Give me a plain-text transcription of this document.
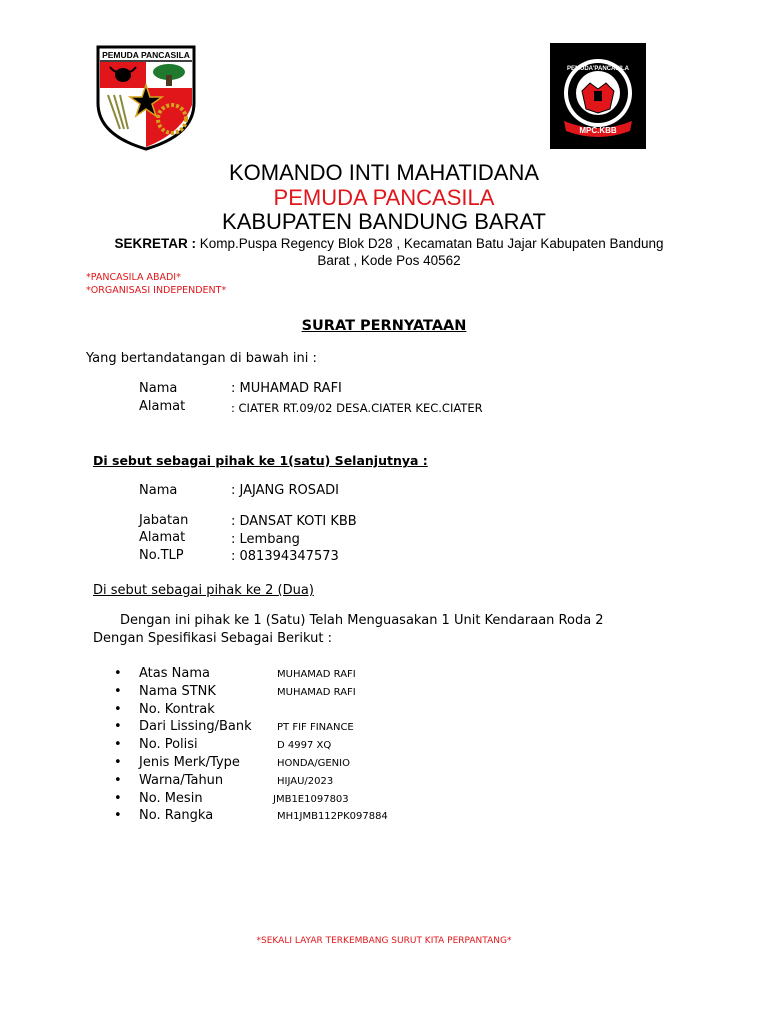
PEMUDA PANCASILA
PEMUDA'PANCASILA
MPC.KBB
KOMANDO INTI MAHATIDANA
PEMUDA PANCASILA
KABUPATEN BANDUNG BARAT
SEKRETAR : Komp.Puspa Regency Blok D28 , Kecamatan Batu Jajar Kabupaten Bandung
Barat , Kode Pos 40562
*PANCASILA ABADI*
*ORGANISASI INDEPENDENT*
SURAT PERNYATAAN
Yang bertandatangan di bawah ini :
Nama	: MUHAMAD RAFI
Alamat	: CIATER RT.09/02 DESA.CIATER KEC.CIATER
Di sebut sebagai pihak ke 1(satu) Selanjutnya :
Nama	: JAJANG ROSADI
Jabatan	: DANSAT KOTI KBB
Alamat	: Lembang
No.TLP	: 081394347573
Di sebut sebagai pihak ke 2 (Dua)
Dengan ini pihak ke 1 (Satu) Telah Menguasakan 1 Unit Kendaraan Roda 2
Dengan Spesifikasi Sebagai Berikut :
• Atas Nama	MUHAMAD RAFI
• Nama STNK	MUHAMAD RAFI
• No. Kontrak
• Dari Lissing/Bank	PT FIF FINANCE
• No. Polisi	D 4997 XQ
• Jenis Merk/Type	HONDA/GENIO
• Warna/Tahun	HIJAU/2023
• No. Mesin	JMB1E1097803
• No. Rangka	MH1JMB112PK097884
*SEKALI LAYAR TERKEMBANG SURUT KITA PERPANTANG*
